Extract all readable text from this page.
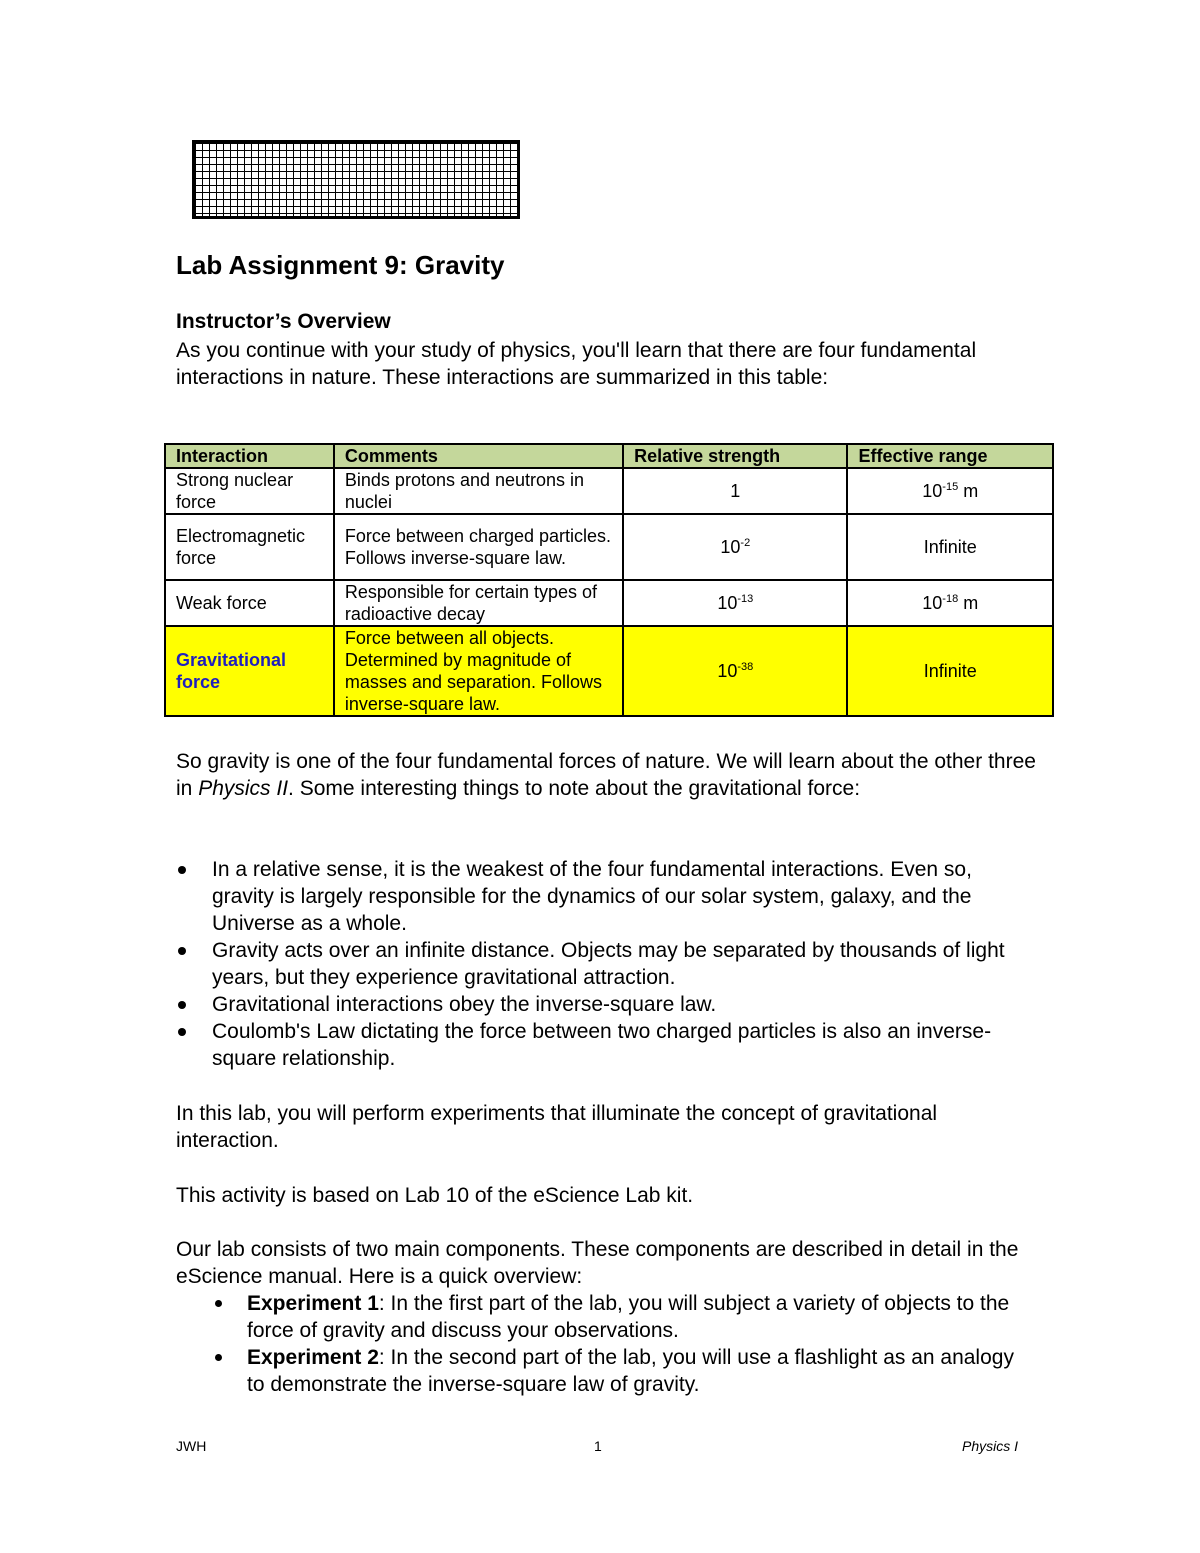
Lab Assignment 9: Gravity
Instructor’s Overview

As you continue with your study of physics, you'll learn that there are four fundamental interactions in nature. These interactions are summarized in this table:

Interaction	Comments	Relative strength	Effective range
Strong nuclear force	Binds protons and neutrons in nuclei	1	$10^{-15}$ m
Electromagnetic force	Force between charged particles. Follows inverse-square law.	$10^{-2}$	Infinite
Weak force	Responsible for certain types of radioactive decay	$10^{-13}$	$10^{-18}$ m
Gravitational force	Force between all objects. Determined by magnitude of masses and separation. Follows inverse-square law.	$10^{-38}$	Infinite

So gravity is one of the four fundamental forces of nature. We will learn about the other three in Physics II. Some interesting things to note about the gravitational force:

In a relative sense, it is the weakest of the four fundamental interactions. Even so, gravity is largely responsible for the dynamics of our solar system, galaxy, and the Universe as a whole.
Gravity acts over an infinite distance. Objects may be separated by thousands of light years, but they experience gravitational attraction.
Gravitational interactions obey the inverse-square law.
Coulomb's Law dictating the force between two charged particles is also an inverse-square relationship.

In this lab, you will perform experiments that illuminate the concept of gravitational interaction.

This activity is based on Lab 10 of the eScience Lab kit.

Our lab consists of two main components. These components are described in detail in the eScience manual. Here is a quick overview:

Experiment 1: In the first part of the lab, you will subject a variety of objects to the force of gravity and discuss your observations.
Experiment 2: In the second part of the lab, you will use a flashlight as an analogy to demonstrate the inverse-square law of gravity.
JWH	1	Physics I
